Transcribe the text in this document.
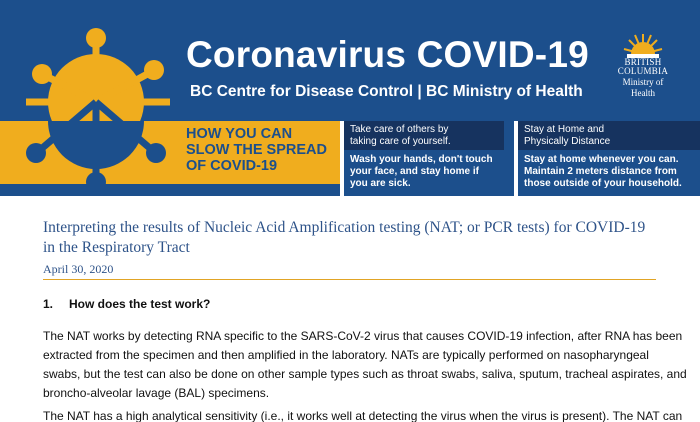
Coronavirus COVID-19
BC Centre for Disease Control | BC Ministry of Health
BRITISH
COLUMBIA
Ministry of
Health
HOW YOU CAN
SLOW THE SPREAD
OF COVID-19
Take care of others by
taking care of yourself.
Wash your hands, don't touch
your face, and stay home if
you are sick.
Stay at Home and
Physically Distance
Stay at home whenever you can.
Maintain 2 meters distance from
those outside of your household.
Interpreting the results of Nucleic Acid Amplification testing (NAT; or PCR tests) for COVID-19
in the Respiratory Tract
April 30, 2020
1. How does the test work?
The NAT works by detecting RNA specific to the SARS-CoV-2 virus that causes COVID-19 infection, after RNA has been
extracted from the specimen and then amplified in the laboratory. NATs are typically performed on nasopharyngeal
swabs, but the test can also be done on other sample types such as throat swabs, saliva, sputum, tracheal aspirates, and
broncho-alveolar lavage (BAL) specimens.
The NAT has a high analytical sensitivity (i.e., it works well at detecting the virus when the virus is present). The NAT can
